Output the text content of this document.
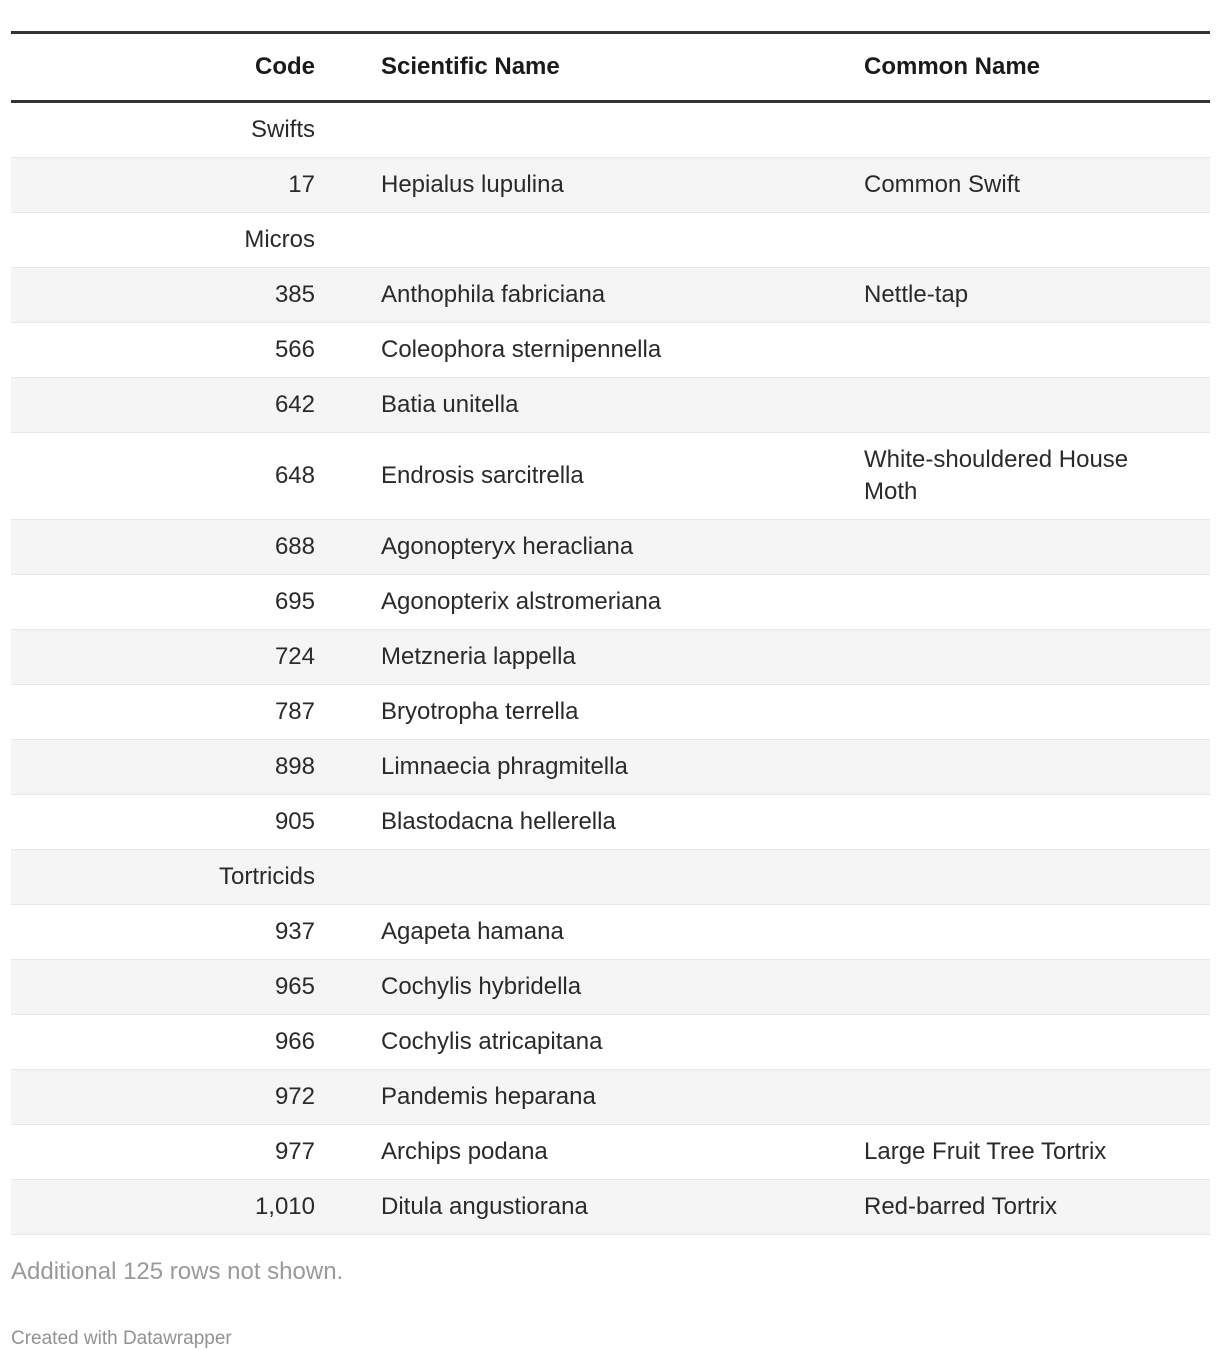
Code	Scientific Name	Common Name
Swifts		
17	Hepialus lupulina	Common Swift
Micros		
385	Anthophila fabriciana	Nettle-tap
566	Coleophora sternipennella	
642	Batia unitella	
648	Endrosis sarcitrella	White-shouldered House Moth
688	Agonopteryx heracliana	
695	Agonopterix alstromeriana	
724	Metzneria lappella	
787	Bryotropha terrella	
898	Limnaecia phragmitella	
905	Blastodacna hellerella	
Tortricids		
937	Agapeta hamana	
965	Cochylis hybridella	
966	Cochylis atricapitana	
972	Pandemis heparana	
977	Archips podana	Large Fruit Tree Tortrix
1,010	Ditula angustiorana	Red-barred Tortrix

Additional 125 rows not shown.

Created with Datawrapper
